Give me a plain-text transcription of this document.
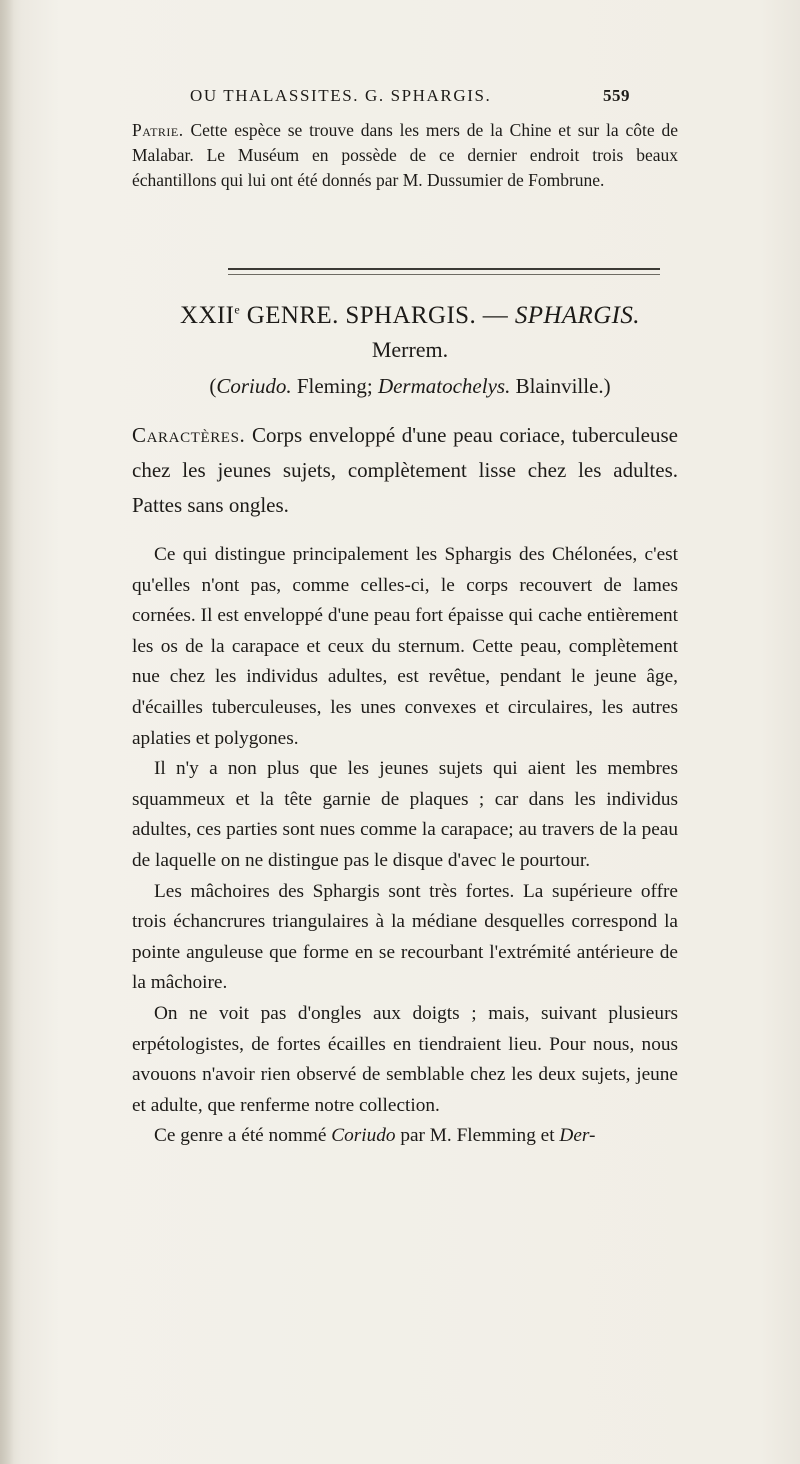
OU THALASSITES. G. SPHARGIS.	559
Patrie. Cette espèce se trouve dans les mers de la Chine et sur la côte de Malabar. Le Muséum en possède de ce dernier endroit trois beaux échantillons qui lui ont été donnés par M. Dussumier de Fombrune.
XXIIe GENRE. SPHARGIS. — SPHARGIS.
Merrem.
(Coriudo. Fleming; Dermatochelys. Blainville.)
Caractères. Corps enveloppé d'une peau coriace, tuberculeuse chez les jeunes sujets, complètement lisse chez les adultes. Pattes sans ongles.

Ce qui distingue principalement les Sphargis des Chélonées, c'est qu'elles n'ont pas, comme celles-ci, le corps recouvert de lames cornées. Il est enveloppé d'une peau fort épaisse qui cache entièrement les os de la carapace et ceux du sternum. Cette peau, complètement nue chez les individus adultes, est revêtue, pendant le jeune âge, d'écailles tuberculeuses, les unes convexes et circulaires, les autres aplaties et polygones.

Il n'y a non plus que les jeunes sujets qui aient les membres squammeux et la tête garnie de plaques ; car dans les individus adultes, ces parties sont nues comme la carapace; au travers de la peau de laquelle on ne distingue pas le disque d'avec le pourtour.

Les mâchoires des Sphargis sont très fortes. La supérieure offre trois échancrures triangulaires à la médiane desquelles correspond la pointe anguleuse que forme en se recourbant l'extrémité antérieure de la mâchoire.

On ne voit pas d'ongles aux doigts ; mais, suivant plusieurs erpétologistes, de fortes écailles en tiendraient lieu. Pour nous, nous avouons n'avoir rien observé de semblable chez les deux sujets, jeune et adulte, que renferme notre collection.

Ce genre a été nommé Coriudo par M. Flemming et Der-
